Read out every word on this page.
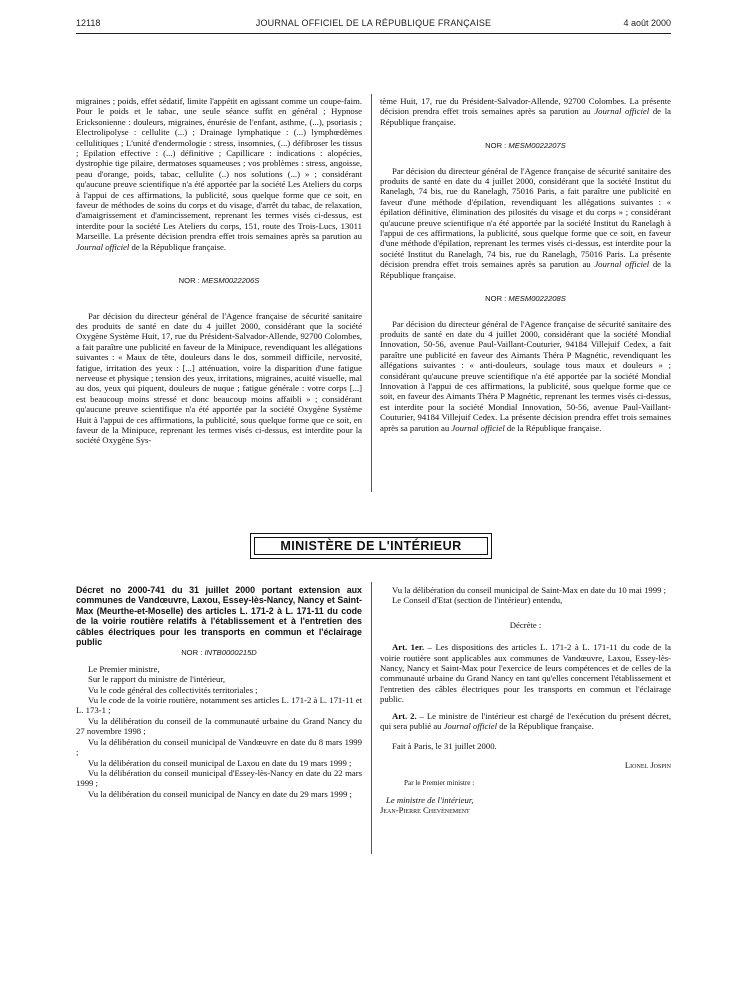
12118	JOURNAL OFFICIEL DE LA RÉPUBLIQUE FRANÇAISE	4 août 2000

migraines ; poids, effet sédatif, limite l'appétit en agissant comme un coupe-faim. Pour le poids et le tabac, une seule séance suffit en général ; Hypnose Ericksonienne : douleurs, migraines, énurésie de l'enfant, asthme, (...), psoriasis ; Electrolipolyse : cellulite (...) ; Drainage lymphatique : (...) lymphœdèmes cellulitiques ; L'unité d'endermologie : stress, insomnies, (...) défibroser les tissus ; Epilation effective : (...) définitive ; Capillicare : indications : alopécies, dystrophie tige pilaire, dermatoses squameuses ; vos problèmes : stress, angoisse, peau d'orange, poids, tabac, cellulite (..) nos solutions (...) » ; considérant qu'aucune preuve scientifique n'a été apportée par la société Les Ateliers du corps à l'appui de ces affirmations, la publicité, sous quelque forme que ce soit, en faveur de méthodes de soins du corps et du visage, d'arrêt du tabac, de relaxation, d'amaigrissement et d'amincissement, reprenant les termes visés ci-dessus, est interdite pour la société Les Ateliers du corps, 151, route des Trois-Lucs, 13011 Marseille. La présente décision prendra effet trois semaines après sa parution au Journal officiel de la République française.

NOR : MESM0022206S

Par décision du directeur général de l'Agence française de sécurité sanitaire des produits de santé en date du 4 juillet 2000, considérant que la société Oxygène Système Huit, 17, rue du Président-Salvador-Allende, 92700 Colombes, a fait paraître une publicité en faveur de la Minipuce, revendiquant les allégations suivantes : « Maux de tête, douleurs dans le dos, sommeil difficile, nervosité, fatigue, irritation des yeux : [...] atténuation, voire la disparition d'une fatigue nerveuse et physique ; tension des yeux, irritations, migraines, acuité visuelle, mal au dos, yeux qui piquent, douleurs de nuque ; fatigue générale : votre corps [...] est beaucoup moins stressé et donc beaucoup moins affaibli » ; considérant qu'aucune preuve scientifique n'a été apportée par la société Oxygène Système Huit à l'appui de ces affirmations, la publicité, sous quelque forme que ce soit, en faveur de la Minipuce, reprenant les termes visés ci-dessus, est interdite pour la société Oxygène Sys-

tème Huit, 17, rue du Président-Salvador-Allende, 92700 Colombes. La présente décision prendra effet trois semaines après sa parution au Journal officiel de la République française.

NOR : MESM0022207S

Par décision du directeur général de l'Agence française de sécurité sanitaire des produits de santé en date du 4 juillet 2000, considérant que la société Institut du Ranelagh, 74 bis, rue du Ranelagh, 75016 Paris, a fait paraître une publicité en faveur d'une méthode d'épilation, revendiquant les allégations suivantes : « épilation définitive, élimination des pilosités du visage et du corps » ; considérant qu'aucune preuve scientifique n'a été apportée par la société Institut du Ranelagh à l'appui de ces affirmations, la publicité, sous quelque forme que ce soit, en faveur d'une méthode d'épilation, reprenant les termes visés ci-dessus, est interdite pour la société Institut du Ranelagh, 74 bis, rue du Ranelagh, 75016 Paris. La présente décision prendra effet trois semaines après sa parution au Journal officiel de la République française.

NOR : MESM0022208S

Par décision du directeur général de l'Agence française de sécurité sanitaire des produits de santé en date du 4 juillet 2000, considérant que la société Mondial Innovation, 50-56, avenue Paul-Vaillant-Couturier, 94184 Villejuif Cedex, a fait paraître une publicité en faveur des Aimants Théra P Magnétic, revendiquant les allégations suivantes : « anti-douleurs, soulage tous maux et douleurs » ; considérant qu'aucune preuve scientifique n'a été apportée par la société Mondial Innovation à l'appui de ces affirmations, la publicité, sous quelque forme que ce soit, en faveur des Aimants Théra P Magnétic, reprenant les termes visés ci-dessus, est interdite pour la société Mondial Innovation, 50-56, avenue Paul-Vaillant-Couturier, 94184 Villejuif Cedex. La présente décision prendra effet trois semaines après sa parution au Journal officiel de la République française.

MINISTÈRE DE L'INTÉRIEUR
Décret no 2000-741 du 31 juillet 2000 portant extension aux communes de Vandœuvre, Laxou, Essey-lès-Nancy, Nancy et Saint-Max (Meurthe-et-Moselle) des articles L. 171-2 à L. 171-11 du code de la voirie routière relatifs à l'établissement et à l'entretien des câbles électriques pour les transports en commun et l'éclairage public
NOR : INTB0000215D

Le Premier ministre,

Sur le rapport du ministre de l'intérieur,

Vu le code général des collectivités territoriales ;

Vu le code de la voirie routière, notamment ses articles L. 171-2 à L. 171-11 et L. 173-1 ;

Vu la délibération du conseil de la communauté urbaine du Grand Nancy du 27 novembre 1998 ;

Vu la délibération du conseil municipal de Vandœuvre en date du 8 mars 1999 ;

Vu la délibération du conseil municipal de Laxou en date du 19 mars 1999 ;

Vu la délibération du conseil municipal d'Essey-lès-Nancy en date du 22 mars 1999 ;

Vu la délibération du conseil municipal de Nancy en date du 29 mars 1999 ;

Vu la délibération du conseil municipal de Saint-Max en date du 10 mai 1999 ;

Le Conseil d'Etat (section de l'intérieur) entendu,

Décrète :

Art. 1er. – Les dispositions des articles L. 171-2 à L. 171-11 du code de la voirie routière sont applicables aux communes de Vandœuvre, Laxou, Essey-lès-Nancy, Nancy et Saint-Max pour l'exercice de leurs compétences et de celles de la communauté urbaine du Grand Nancy en tant qu'elles concernent l'établissement et l'entretien des câbles électriques pour les transports en commun et l'éclairage public.

Art. 2. – Le ministre de l'intérieur est chargé de l'exécution du présent décret, qui sera publié au Journal officiel de la République française.

Fait à Paris, le 31 juillet 2000.

Lionel Jospin
Par le Premier ministre :
Le ministre de l'intérieur,
Jean-Pierre Chevènement
